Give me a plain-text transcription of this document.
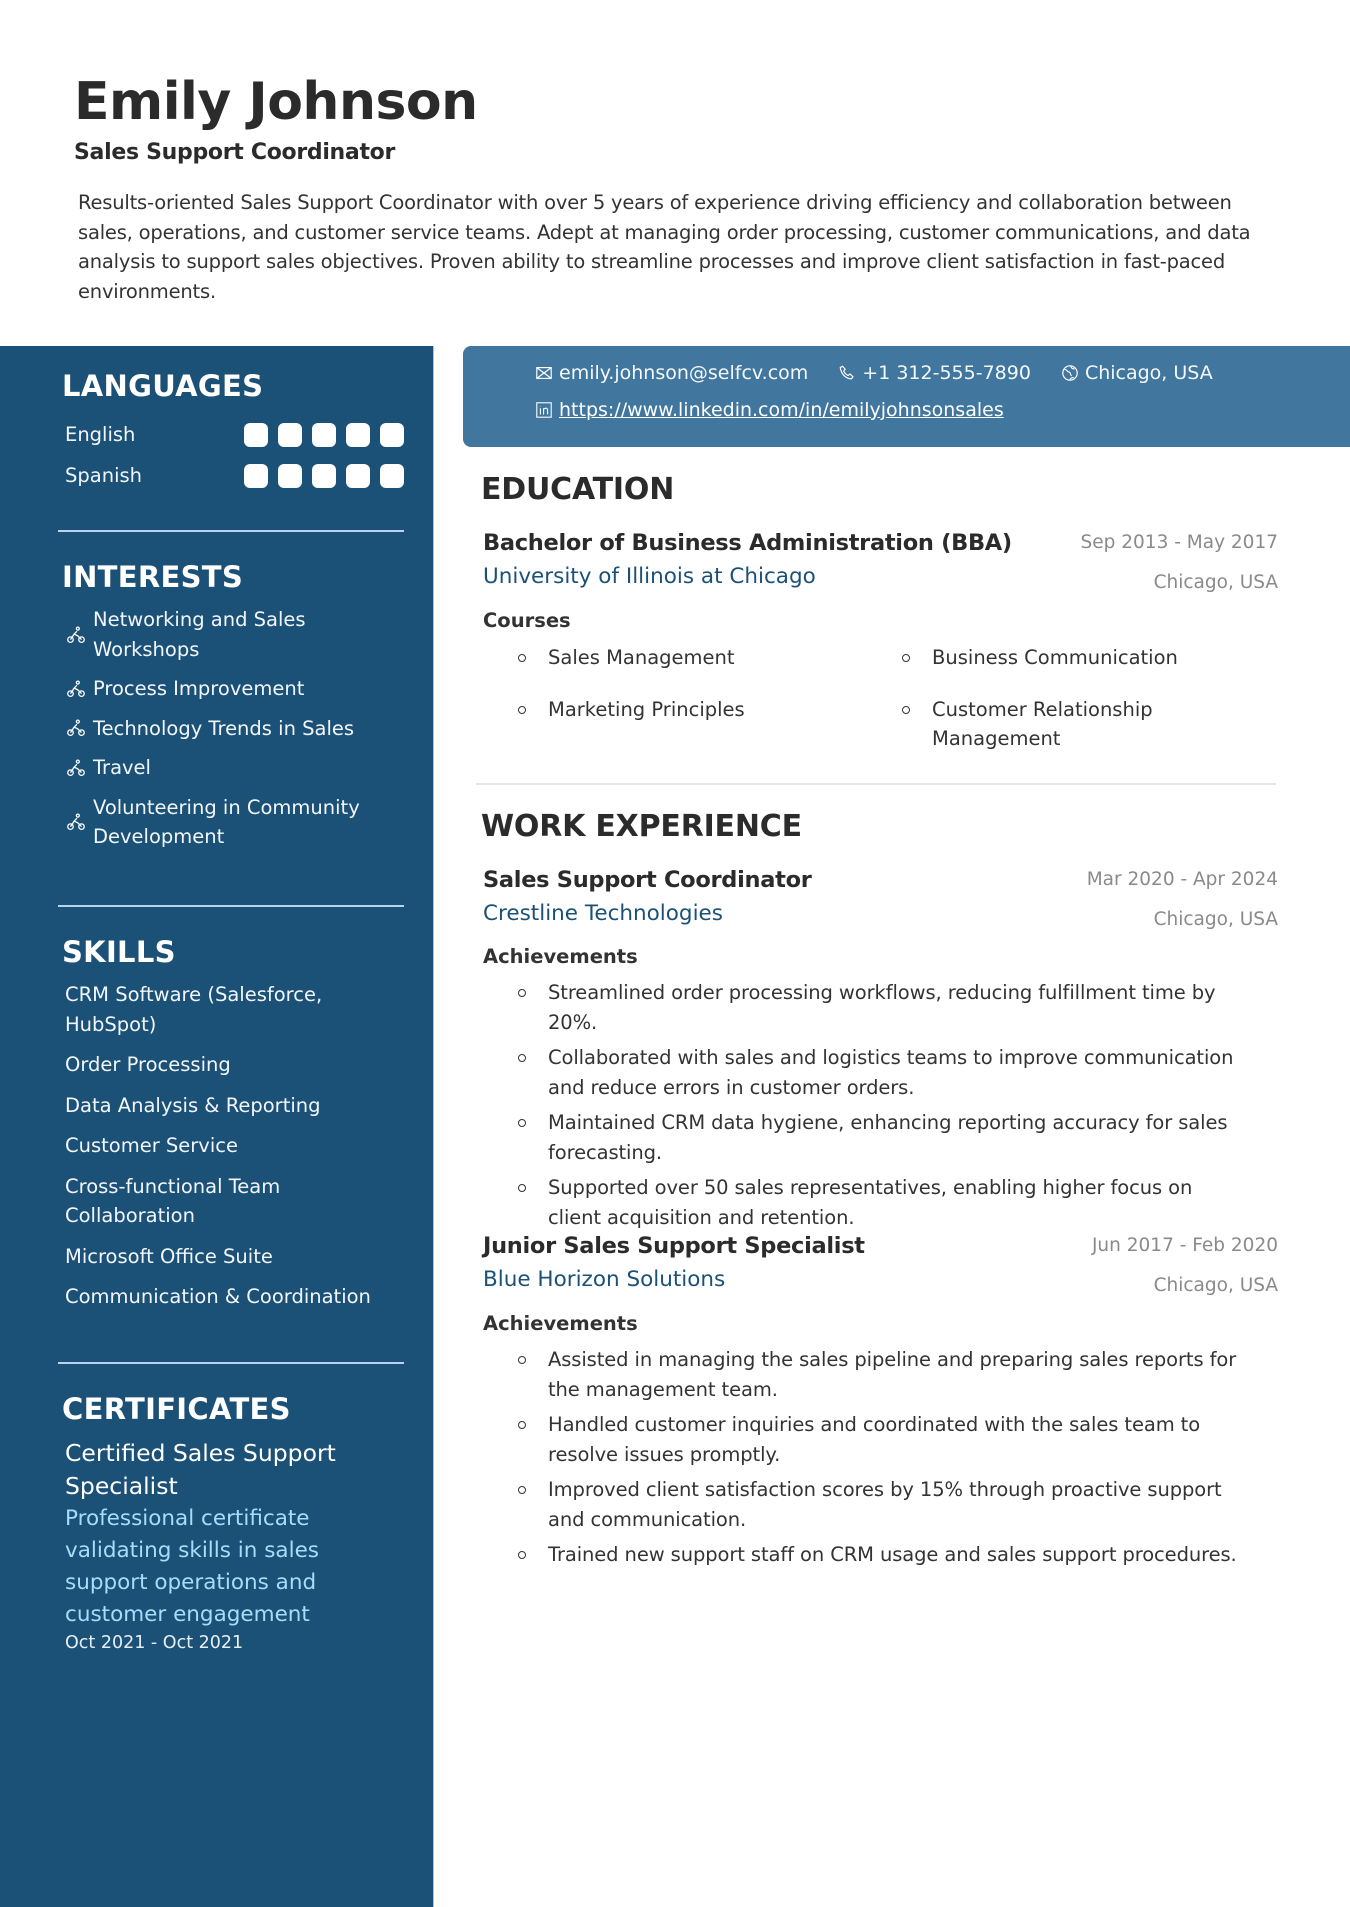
Emily Johnson
Sales Support Coordinator

Results-oriented Sales Support Coordinator with over 5 years of experience driving efficiency and collaboration between sales, operations, and customer service teams. Adept at managing order processing, customer communications, and data analysis to support sales objectives. Proven ability to streamline processes and improve client satisfaction in fast-paced environments.

LANGUAGES
English
Spanish
INTERESTS
Networking and Sales Workshops
Process Improvement
Technology Trends in Sales
Travel
Volunteering in Community Development
SKILLS
CRM Software (Salesforce, HubSpot)
Order Processing
Data Analysis & Reporting
Customer Service
Cross-functional Team Collaboration
Microsoft Office Suite
Communication & Coordination
CERTIFICATES
Certified Sales Support Specialist
Professional certificate validating skills in sales support operations and customer engagement
Oct 2021 - Oct 2021
emily.johnson@selfcv.com	+1 312-555-7890	Chicago, USA
https://www.linkedin.com/in/emilyjohnsonsales
EDUCATION
Bachelor of Business Administration (BBA)	Sep 2013 - May 2017
University of Illinois at Chicago	Chicago, USA
Courses
Sales Management	Business Communication
Marketing Principles	Customer Relationship Management
WORK EXPERIENCE
Sales Support Coordinator	Mar 2020 - Apr 2024
Crestline Technologies	Chicago, USA
Achievements
Streamlined order processing workflows, reducing fulfillment time by 20%.
Collaborated with sales and logistics teams to improve communication and reduce errors in customer orders.
Maintained CRM data hygiene, enhancing reporting accuracy for sales forecasting.
Supported over 50 sales representatives, enabling higher focus on client acquisition and retention.
Junior Sales Support Specialist	Jun 2017 - Feb 2020
Blue Horizon Solutions	Chicago, USA
Achievements
Assisted in managing the sales pipeline and preparing sales reports for the management team.
Handled customer inquiries and coordinated with the sales team to resolve issues promptly.
Improved client satisfaction scores by 15% through proactive support and communication.
Trained new support staff on CRM usage and sales support procedures.
